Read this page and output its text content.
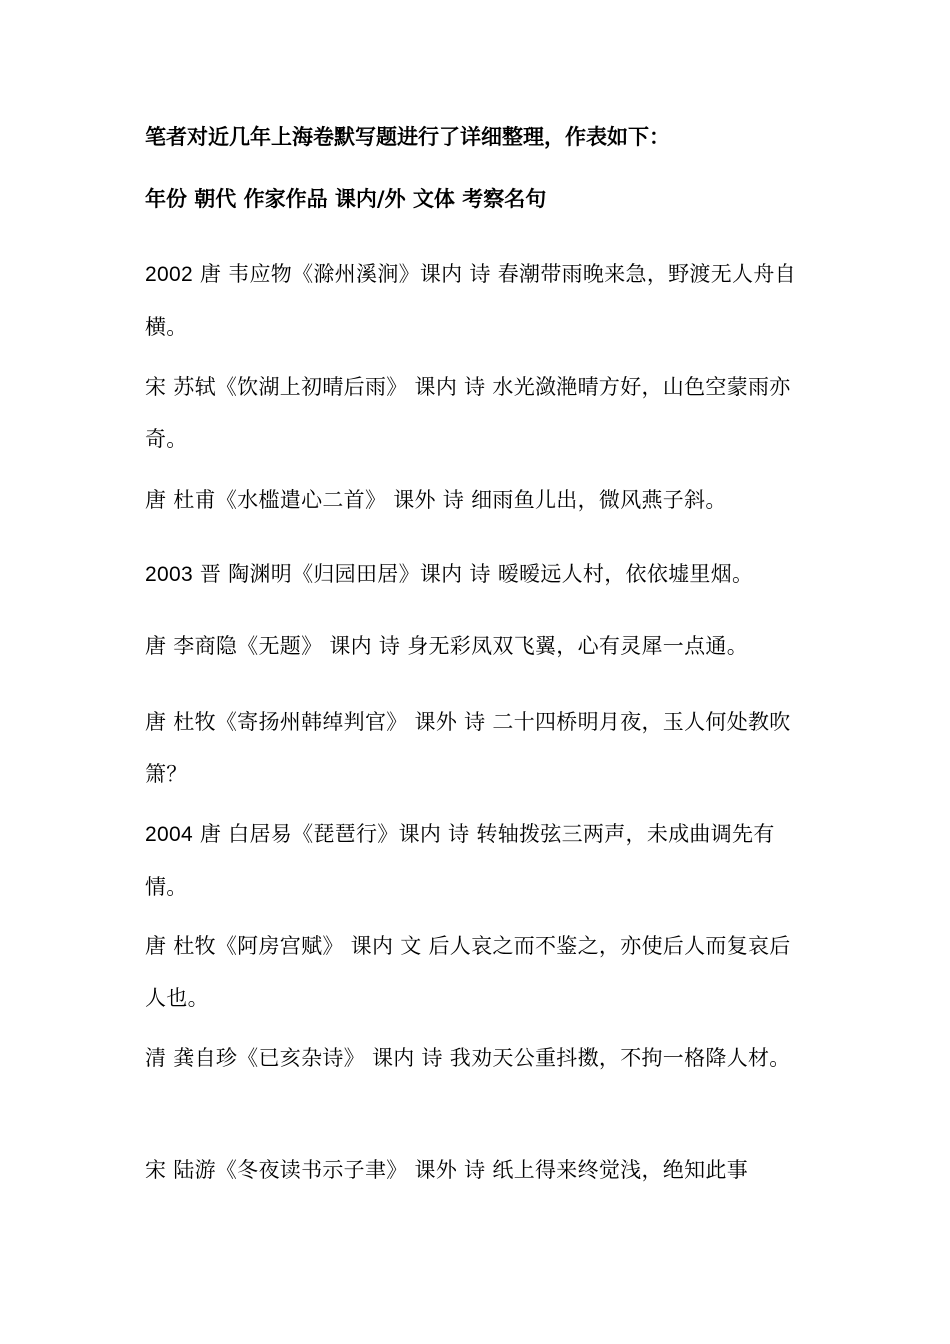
笔者对近几年上海卷默写题进行了详细整理，作表如下：
年份 朝代 作家作品 课内/外 文体 考察名句
2002 唐 韦应物《滁州溪涧》课内 诗 春潮带雨晚来急，野渡无人舟自横。
宋 苏轼《饮湖上初晴后雨》 课内 诗 水光潋滟晴方好，山色空蒙雨亦奇。
唐 杜甫《水槛遣心二首》 课外 诗 细雨鱼儿出，微风燕子斜。
2003 晋 陶渊明《归园田居》课内 诗 暧暧远人村，依依墟里烟。
唐 李商隐《无题》 课内 诗 身无彩凤双飞翼，心有灵犀一点通。
唐 杜牧《寄扬州韩绰判官》 课外 诗 二十四桥明月夜，玉人何处教吹箫？
2004 唐 白居易《琵琶行》课内 诗 转轴拨弦三两声，未成曲调先有情。
唐 杜牧《阿房宫赋》 课内 文 后人哀之而不鉴之，亦使后人而复哀后人也。
清 龚自珍《已亥杂诗》 课内 诗 我劝天公重抖擞，不拘一格降人材。
宋 陆游《冬夜读书示子聿》 课外 诗 纸上得来终觉浅，绝知此事
